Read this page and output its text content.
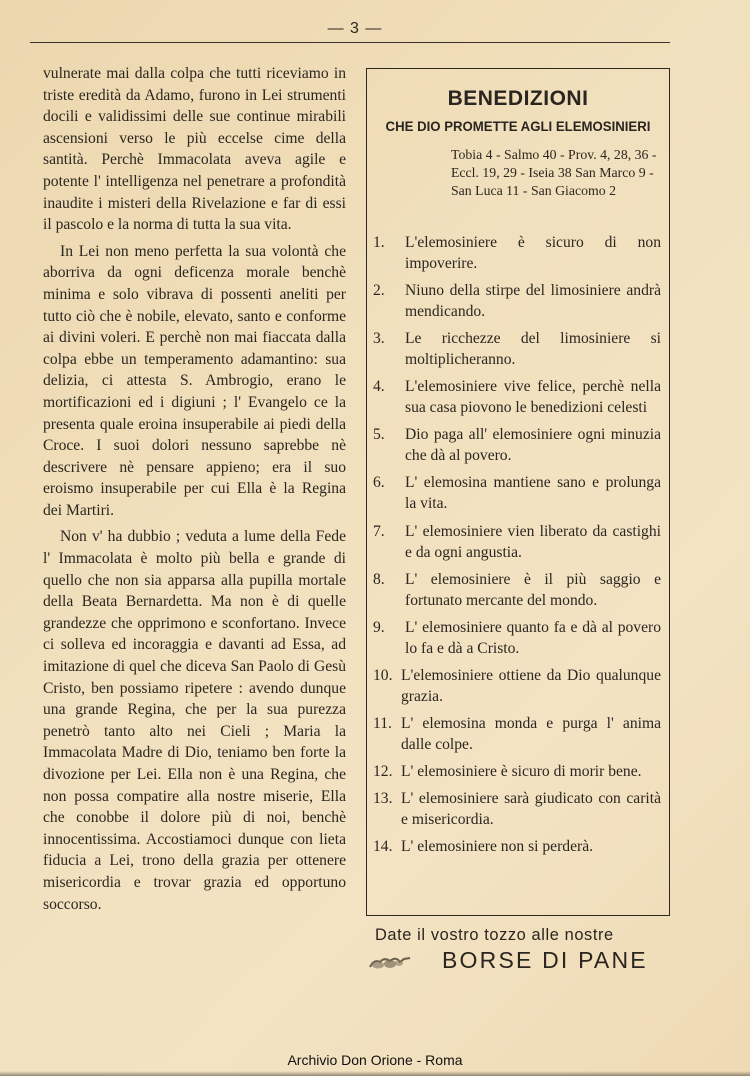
— 3 —

vulnerate mai dalla colpa che tutti riceviamo in triste eredità da Adamo, furono in Lei strumenti docili e validissimi delle sue continue mirabili ascensioni verso le più eccelse cime della santità. Perchè Immacolata aveva agile e potente l' intelligenza nel penetrare a profondità inaudite i misteri della Rivelazione e far di essi il pascolo e la norma di tutta la sua vita.

In Lei non meno perfetta la sua volontà che aborriva da ogni deficenza morale benchè minima e solo vibrava di possenti aneliti per tutto ciò che è nobile, elevato, santo e conforme ai divini voleri. E perchè non mai fiaccata dalla colpa ebbe un temperamento adamantino: sua delizia, ci attesta S. Ambrogio, erano le mortificazioni ed i digiuni ; l' Evangelo ce la presenta quale eroina insuperabile ai piedi della Croce. I suoi dolori nessuno saprebbe nè descrivere nè pensare appieno; era il suo eroismo insuperabile per cui Ella è la Regina dei Martiri.

Non v' ha dubbio ; veduta a lume della Fede l' Immacolata è molto più bella e grande di quello che non sia apparsa alla pupilla mortale della Beata Bernardetta. Ma non è di quelle grandezze che opprimono e sconfortano. Invece ci solleva ed incoraggia e davanti ad Essa, ad imitazione di quel che diceva San Paolo di Gesù Cristo, ben possiamo ripetere : avendo dunque una grande Regina, che per la sua purezza penetrò tanto alto nei Cieli ; Maria la Immacolata Madre di Dio, teniamo ben forte la divozione per Lei. Ella non è una Regina, che non possa compatire alla nostre miserie, Ella che conobbe il dolore più di noi, benchè innocentissima. Accostiamoci dunque con lieta fiducia a Lei, trono della grazia per ottenere misericordia e trovar grazia ed opportuno soccorso.

BENEDIZIONI
CHE DIO PROMETTE AGLI ELEMOSINIERI
Tobia 4 - Salmo 40 - Prov. 4, 28, 36 - Eccl. 19, 29 - Iseia 38 San Marco 9 - San Luca 11 - San Giacomo 2
1.	L'elemosiniere è sicuro di non impoverire.
2.	Niuno della stirpe del limosiniere andrà mendicando.
3.	Le ricchezze del limosiniere si moltiplicheranno.
4.	L'elemosiniere vive felice, perchè nella sua casa piovono le benedizioni celesti
5.	Dio paga all' elemosiniere ogni minuzia che dà al povero.
6.	L' elemosina mantiene sano e prolunga la vita.
7.	L' elemosiniere vien liberato da castighi e da ogni angustia.
8.	L' elemosiniere è il più saggio e fortunato mercante del mondo.
9.	L' elemosiniere quanto fa e dà al povero lo fa e dà a Cristo.
10. L'elemosiniere ottiene da Dio qualunque grazia.
11. L' elemosina monda e purga l' anima dalle colpe.
12. L' elemosiniere è sicuro di morir bene.
13. L' elemosiniere sarà giudicato con carità e misericordia.
14. L' elemosiniere non si perderà.
Date il vostro tozzo alle nostre
BORSE DI PANE
Archivio Don Orione - Roma
